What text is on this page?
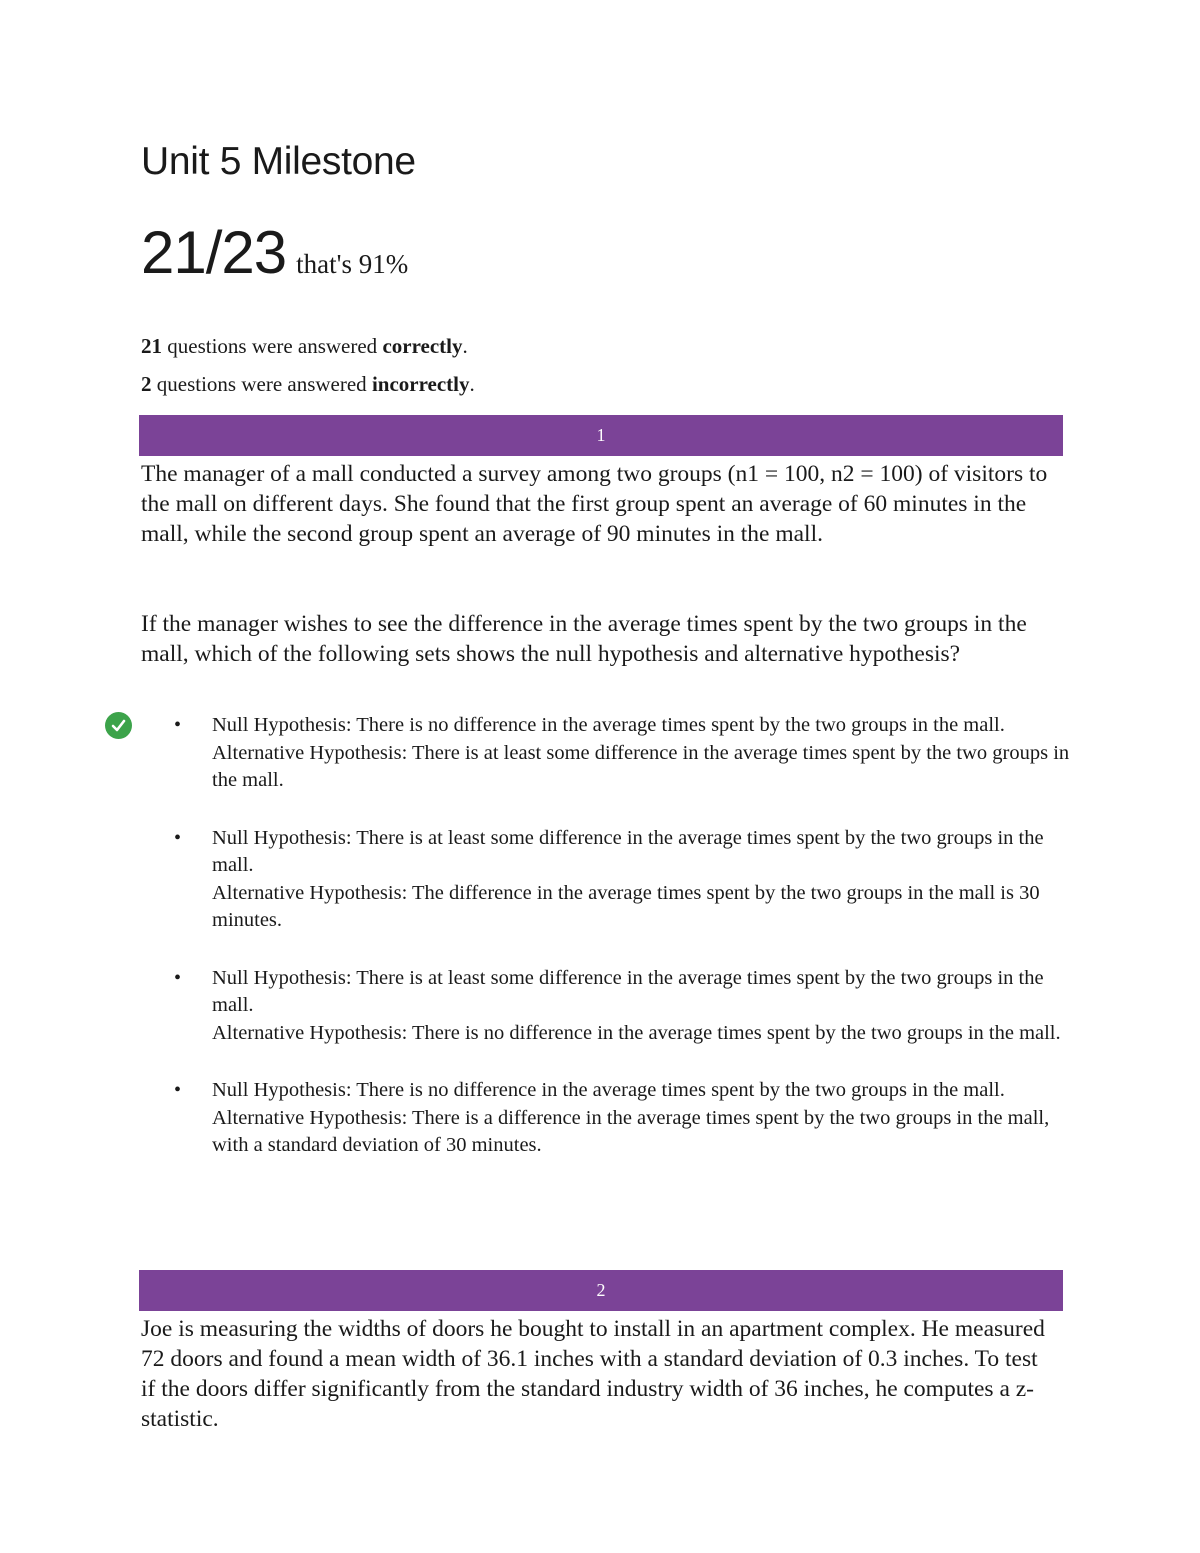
Unit 5 Milestone
21/23 that's 91%
21 questions were answered correctly.
2 questions were answered incorrectly.
1

The manager of a mall conducted a survey among two groups (n1 = 100, n2 = 100) of visitors to the mall on different days. She found that the first group spent an average of 60 minutes in the mall, while the second group spent an average of 90 minutes in the mall.

If the manager wishes to see the difference in the average times spent by the two groups in the mall, which of the following sets shows the null hypothesis and alternative hypothesis?

• Null Hypothesis: There is no difference in the average times spent by the two groups in the mall.
Alternative Hypothesis: There is at least some difference in the average times spent by the two groups in the mall.
• Null Hypothesis: There is at least some difference in the average times spent by the two groups in the mall.
Alternative Hypothesis: The difference in the average times spent by the two groups in the mall is 30 minutes.
• Null Hypothesis: There is at least some difference in the average times spent by the two groups in the mall.
Alternative Hypothesis: There is no difference in the average times spent by the two groups in the mall.
• Null Hypothesis: There is no difference in the average times spent by the two groups in the mall.
Alternative Hypothesis: There is a difference in the average times spent by the two groups in the mall, with a standard deviation of 30 minutes.
2

Joe is measuring the widths of doors he bought to install in an apartment complex. He measured 72 doors and found a mean width of 36.1 inches with a standard deviation of 0.3 inches. To test if the doors differ significantly from the standard industry width of 36 inches, he computes a z-statistic.
